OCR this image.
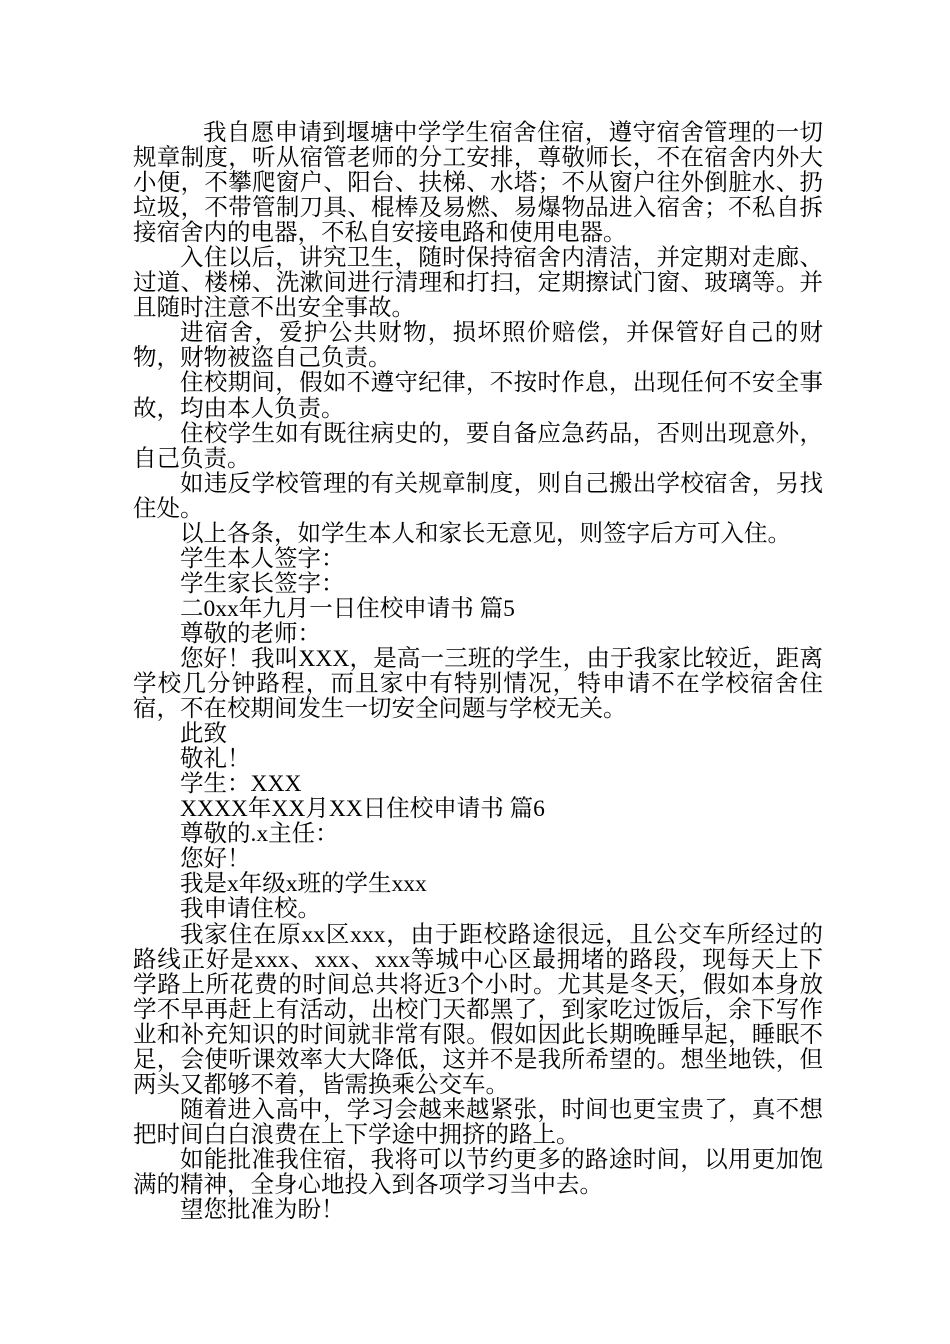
我自愿申请到堰塘中学学生宿舍住宿，遵守宿舍管理的一切规章制度，听从宿管老师的分工安排，尊敬师长，不在宿舍内外大小便，不攀爬窗户、阳台、扶梯、水塔；不从窗户往外倒脏水、扔垃圾，不带管制刀具、棍棒及易燃、易爆物品进入宿舍；不私自拆接宿舍内的电器，不私自安接电路和使用电器。

入住以后，讲究卫生，随时保持宿舍内清洁，并定期对走廊、过道、楼梯、洗漱间进行清理和打扫，定期擦试门窗、玻璃等。并且随时注意不出安全事故。

进宿舍，爱护公共财物，损坏照价赔偿，并保管好自己的财物，财物被盗自己负责。

住校期间，假如不遵守纪律，不按时作息，出现任何不安全事故，均由本人负责。

住校学生如有既往病史的，要自备应急药品，否则出现意外，自己负责。

如违反学校管理的有关规章制度，则自己搬出学校宿舍，另找住处。

以上各条，如学生本人和家长无意见，则签字后方可入住。

学生本人签字：

学生家长签字：

二0xx年九月一日住校申请书 篇5

尊敬的老师：

您好！我叫XXX，是高一三班的学生，由于我家比较近，距离学校几分钟路程，而且家中有特别情况，特申请不在学校宿舍住宿，不在校期间发生一切安全问题与学校无关。

此致

敬礼！

学生：XXX

XXXX年XX月XX日住校申请书 篇6

尊敬的.x主任：

您好！

我是x年级x班的学生xxx

我申请住校。

我家住在原xx区xxx，由于距校路途很远，且公交车所经过的路线正好是xxx、xxx、xxx等城中心区最拥堵的路段，现每天上下学路上所花费的时间总共将近3个小时。尤其是冬天，假如本身放学不早再赶上有活动，出校门天都黑了，到家吃过饭后，余下写作业和补充知识的时间就非常有限。假如因此长期晚睡早起，睡眠不足，会使听课效率大大降低，这并不是我所希望的。想坐地铁，但两头又都够不着，皆需换乘公交车。

随着进入高中，学习会越来越紧张，时间也更宝贵了，真不想把时间白白浪费在上下学途中拥挤的路上。

如能批准我住宿，我将可以节约更多的路途时间，以用更加饱满的精神，全身心地投入到各项学习当中去。

望您批准为盼！
